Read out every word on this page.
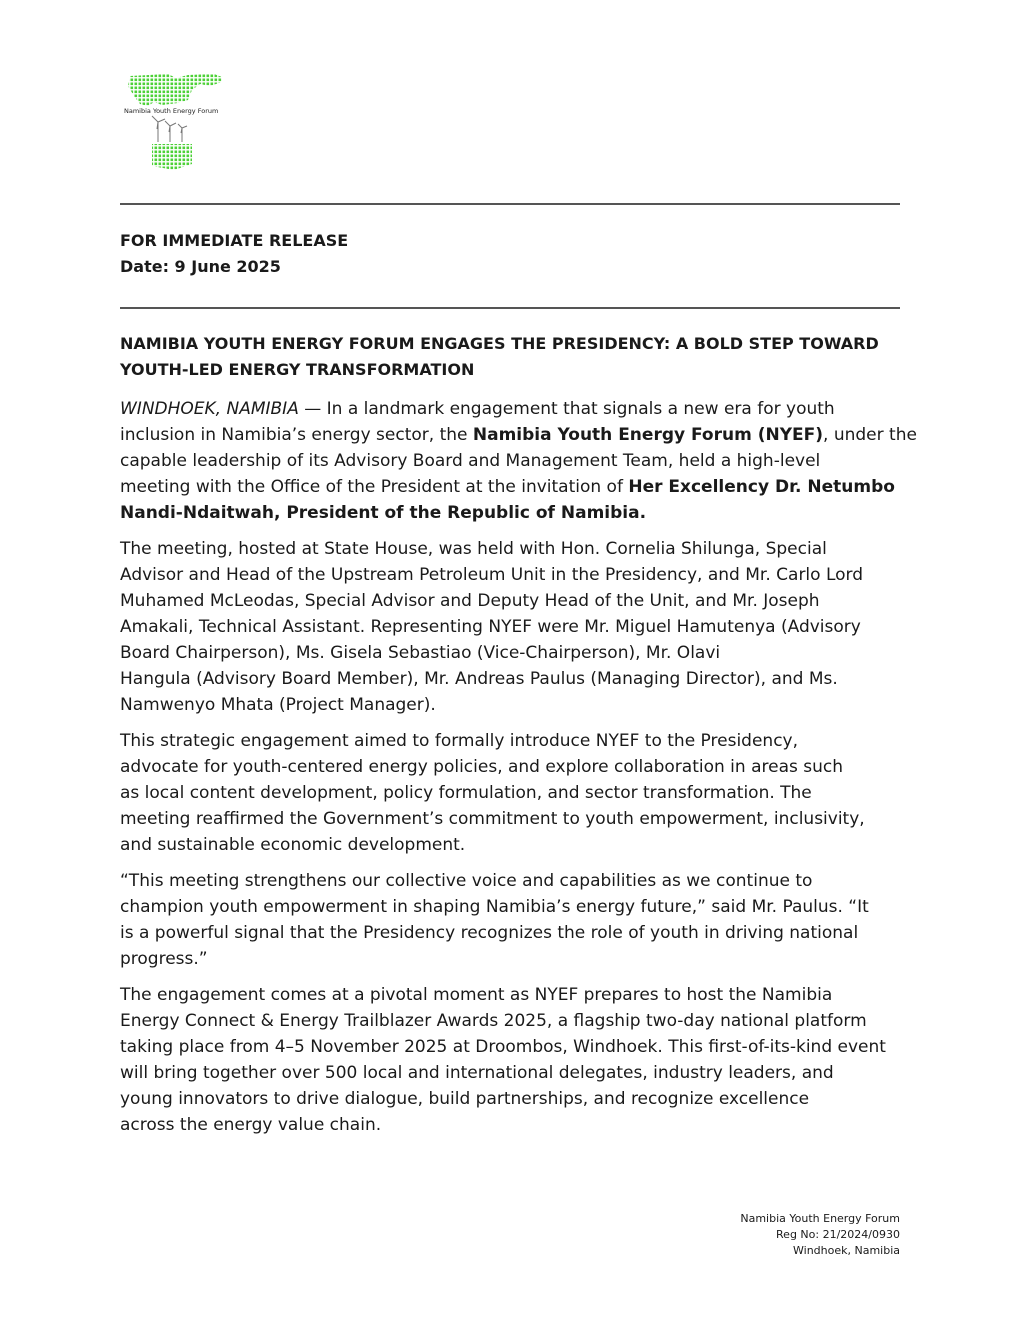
Namibia Youth Energy Forum
FOR IMMEDIATE RELEASE
Date: 9 June 2025
NAMIBIA YOUTH ENERGY FORUM ENGAGES THE PRESIDENCY: A BOLD STEP TOWARD
YOUTH-LED ENERGY TRANSFORMATION

WINDHOEK, NAMIBIA — In a landmark engagement that signals a new era for youth
inclusion in Namibia’s energy sector, the Namibia Youth Energy Forum (NYEF), under the
capable leadership of its Advisory Board and Management Team, held a high-level
meeting with the Office of the President at the invitation of Her Excellency Dr. Netumbo
Nandi-Ndaitwah, President of the Republic of Namibia.

The meeting, hosted at State House, was held with Hon. Cornelia Shilunga, Special
Advisor and Head of the Upstream Petroleum Unit in the Presidency, and Mr. Carlo Lord
Muhamed McLeodas, Special Advisor and Deputy Head of the Unit, and Mr. Joseph
Amakali, Technical Assistant. Representing NYEF were Mr. Miguel Hamutenya (Advisory
Board Chairperson), Ms. Gisela Sebastiao (Vice-Chairperson), Mr. Olavi
Hangula (Advisory Board Member), Mr. Andreas Paulus (Managing Director), and Ms.
Namwenyo Mhata (Project Manager).

This strategic engagement aimed to formally introduce NYEF to the Presidency,
advocate for youth-centered energy policies, and explore collaboration in areas such
as local content development, policy formulation, and sector transformation. The
meeting reaffirmed the Government’s commitment to youth empowerment, inclusivity,
and sustainable economic development.

“This meeting strengthens our collective voice and capabilities as we continue to
champion youth empowerment in shaping Namibia’s energy future,” said Mr. Paulus. “It
is a powerful signal that the Presidency recognizes the role of youth in driving national
progress.”

The engagement comes at a pivotal moment as NYEF prepares to host the Namibia
Energy Connect & Energy Trailblazer Awards 2025, a flagship two-day national platform
taking place from 4–5 November 2025 at Droombos, Windhoek. This first-of-its-kind event
will bring together over 500 local and international delegates, industry leaders, and
young innovators to drive dialogue, build partnerships, and recognize excellence
across the energy value chain.

Namibia Youth Energy Forum
Reg No: 21/2024/0930
Windhoek, Namibia
